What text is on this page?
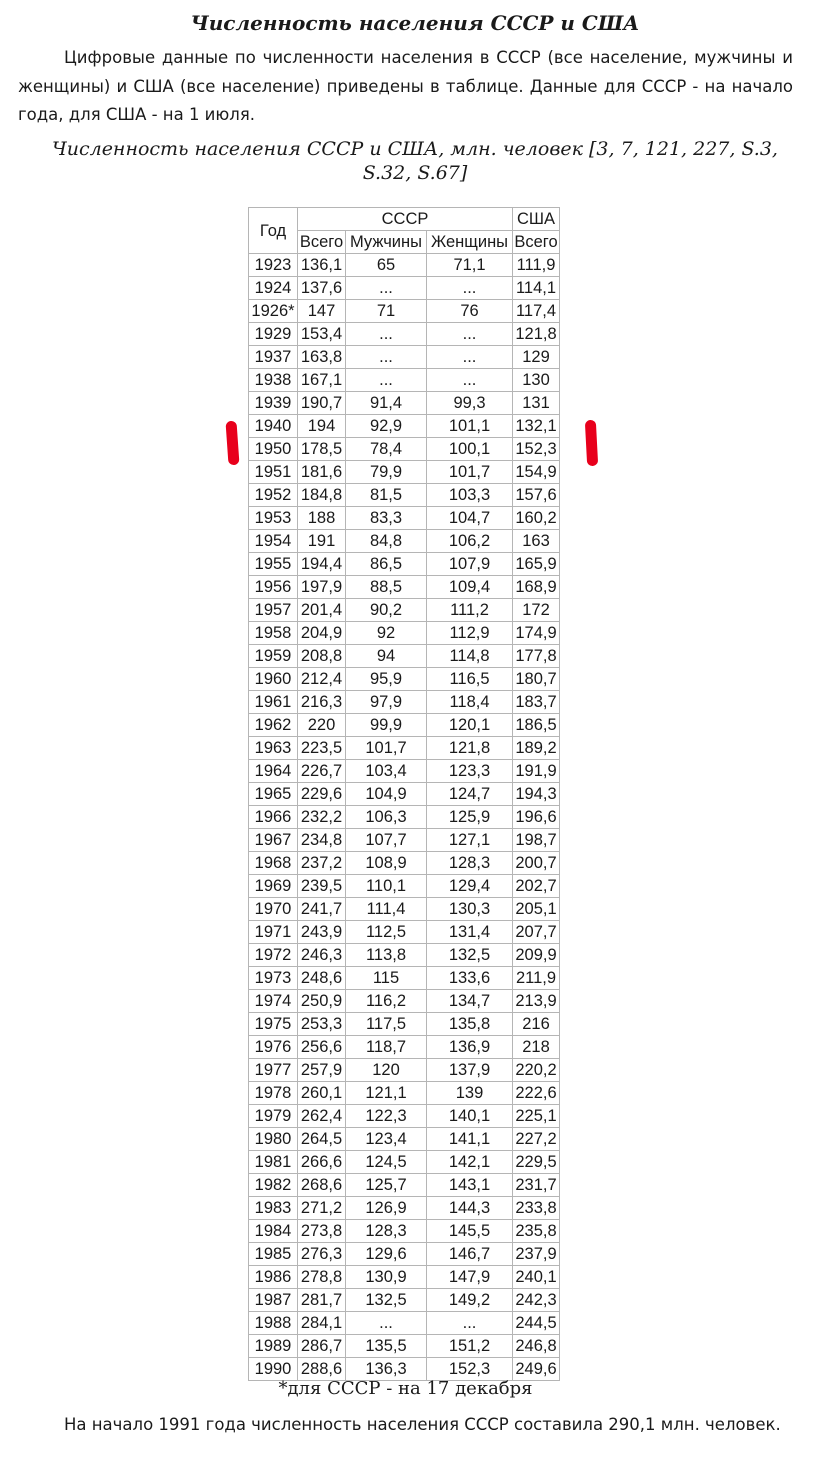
Численность населения СССР и США

Цифровые данные по численности населения в СССР (все население, мужчины и женщины) и США (все население) приведены в таблице. Данные для СССР - на начало года, для США - на 1 июля.

Численность населения СССР и США, млн. человек [3, 7, 121, 227, S.3, S.32, S.67]

Год	СССР			США
	Всего	Мужчины	Женщины	Всего
1923	136,1	65	71,1	111,9
1924	137,6	...	...	114,1
1926*	147	71	76	117,4
1929	153,4	...	...	121,8
1937	163,8	...	...	129
1938	167,1	...	...	130
1939	190,7	91,4	99,3	131
1940	194	92,9	101,1	132,1
1950	178,5	78,4	100,1	152,3
1951	181,6	79,9	101,7	154,9
1952	184,8	81,5	103,3	157,6
1953	188	83,3	104,7	160,2
1954	191	84,8	106,2	163
1955	194,4	86,5	107,9	165,9
1956	197,9	88,5	109,4	168,9
1957	201,4	90,2	111,2	172
1958	204,9	92	112,9	174,9
1959	208,8	94	114,8	177,8
1960	212,4	95,9	116,5	180,7
1961	216,3	97,9	118,4	183,7
1962	220	99,9	120,1	186,5
1963	223,5	101,7	121,8	189,2
1964	226,7	103,4	123,3	191,9
1965	229,6	104,9	124,7	194,3
1966	232,2	106,3	125,9	196,6
1967	234,8	107,7	127,1	198,7
1968	237,2	108,9	128,3	200,7
1969	239,5	110,1	129,4	202,7
1970	241,7	111,4	130,3	205,1
1971	243,9	112,5	131,4	207,7
1972	246,3	113,8	132,5	209,9
1973	248,6	115	133,6	211,9
1974	250,9	116,2	134,7	213,9
1975	253,3	117,5	135,8	216
1976	256,6	118,7	136,9	218
1977	257,9	120	137,9	220,2
1978	260,1	121,1	139	222,6
1979	262,4	122,3	140,1	225,1
1980	264,5	123,4	141,1	227,2
1981	266,6	124,5	142,1	229,5
1982	268,6	125,7	143,1	231,7
1983	271,2	126,9	144,3	233,8
1984	273,8	128,3	145,5	235,8
1985	276,3	129,6	146,7	237,9
1986	278,8	130,9	147,9	240,1
1987	281,7	132,5	149,2	242,3
1988	284,1	...	...	244,5
1989	286,7	135,5	151,2	246,8
1990	288,6	136,3	152,3	249,6

*для СССР - на 17 декабря

На начало 1991 года численность населения СССР составила 290,1 млн. человек.
